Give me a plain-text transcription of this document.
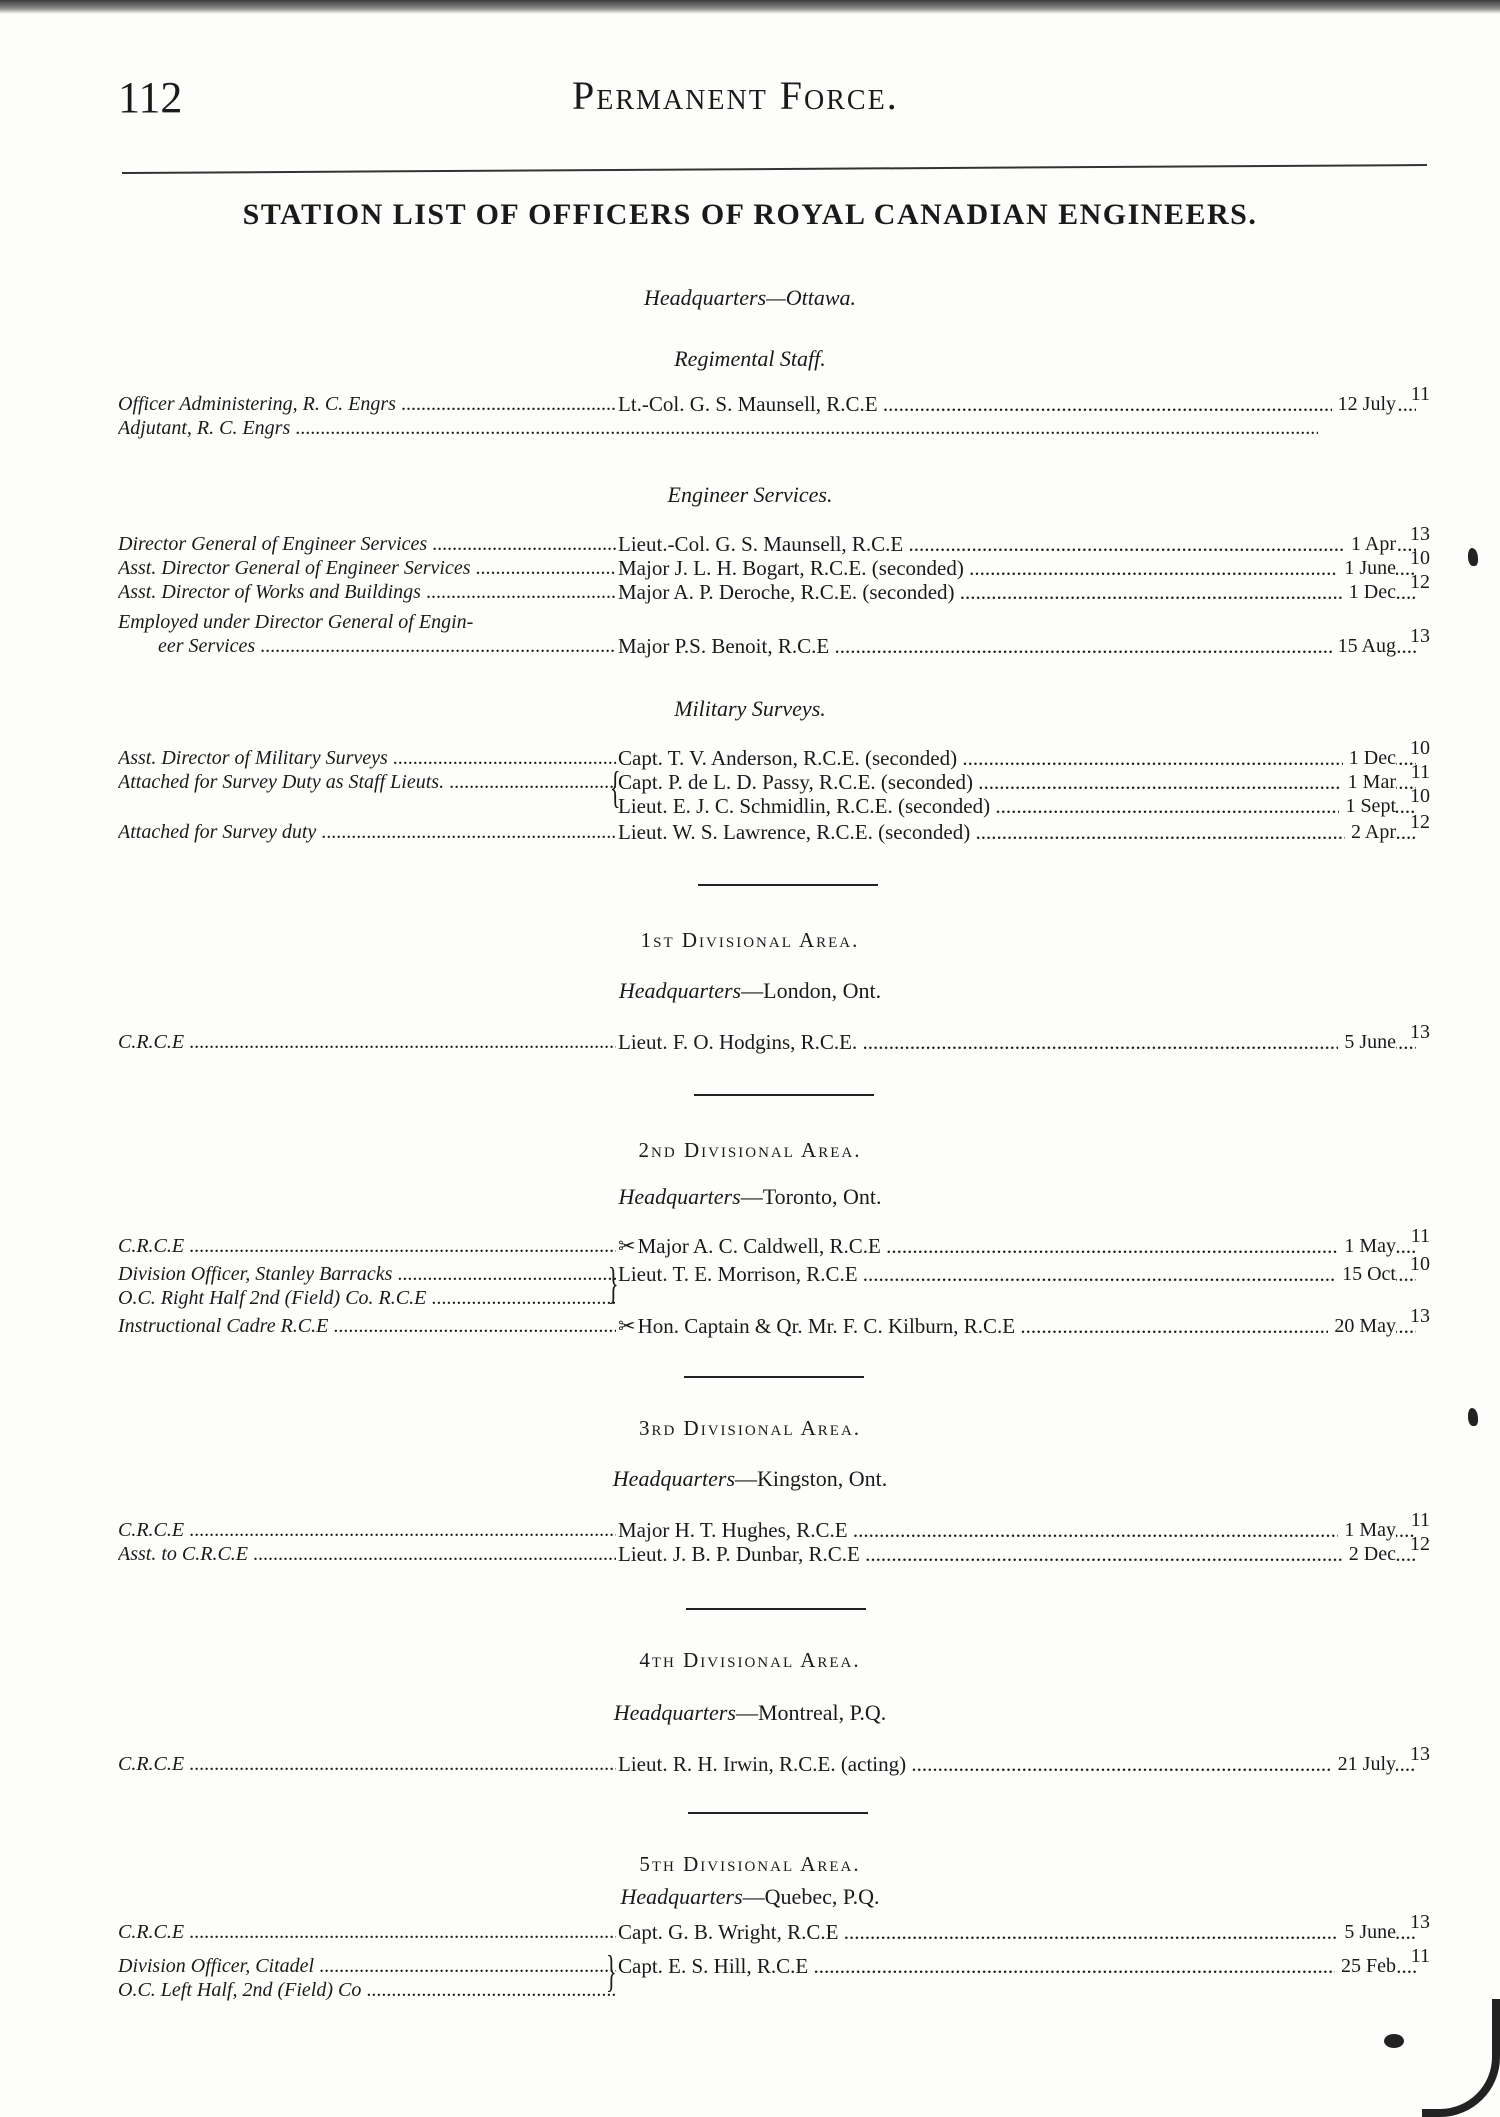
112	Permanent Force.
STATION LIST OF OFFICERS OF ROYAL CANADIAN ENGINEERS.
Headquarters—Ottawa.
Regimental Staff.
Officer Administering, R. C. Engrs .....	Lt.-Col. G. S. Maunsell, R.C.E .....	12 July 11
Adjutant, R. C. Engrs .....
Engineer Services.
Director General of Engineer Services .....	Lieut.-Col. G. S. Maunsell, R.C.E .....	1 Apr 13
Asst. Director General of Engineer Services .....	Major J. L. H. Bogart, R.C.E. (seconded) .....	1 June 10
Asst. Director of Works and Buildings .....	Major A. P. Deroche, R.C.E. (seconded) .....	1 Dec 12
Employed under Director General of Engin-
eer Services .....	Major P.S. Benoit, R.C.E .....	15 Aug 13
Military Surveys.
Asst. Director of Military Surveys .....	Capt. T. V. Anderson, R.C.E. (seconded) .....	1 Dec 10
Attached for Survey Duty as Staff Lieuts. .....	Capt. P. de L. D. Passy, R.C.E. (seconded) .....	1 Mar 11
{
Lieut. E. J. C. Schmidlin, R.C.E. (seconded) .....	1 Sept 10
Attached for Survey duty .....	Lieut. W. S. Lawrence, R.C.E. (seconded) .....	2 Apr 12
1st Divisional Area.
Headquarters—London, Ont.
C.R.C.E .....	Lieut. F. O. Hodgins, R.C.E. .....	5 June 13
2nd Divisional Area.
Headquarters—Toronto, Ont.
C.R.C.E .....	✂Major A. C. Caldwell, R.C.E .....	1 May 11
Division Officer, Stanley Barracks .....	Lieut. T. E. Morrison, R.C.E .....	15 Oct 10
O.C. Right Half 2nd (Field) Co. R.C.E .....	}
Instructional Cadre R.C.E .....	✂Hon. Captain & Qr. Mr. F. C. Kilburn, R.C.E .....	20 May 13
3rd Divisional Area.
Headquarters—Kingston, Ont.
C.R.C.E .....	Major H. T. Hughes, R.C.E .....	1 May 11
Asst. to C.R.C.E .....	Lieut. J. B. P. Dunbar, R.C.E .....	2 Dec 12
4th Divisional Area.
Headquarters—Montreal, P.Q.
C.R.C.E .....	Lieut. R. H. Irwin, R.C.E. (acting) .....	21 July 13
5th Divisional Area.
Headquarters—Quebec, P.Q.
C.R.C.E .....	Capt. G. B. Wright, R.C.E .....	5 June 13
Division Officer, Citadel .....	Capt. E. S. Hill, R.C.E .....	25 Feb 11
O.C. Left Half, 2nd (Field) Co .....	}
